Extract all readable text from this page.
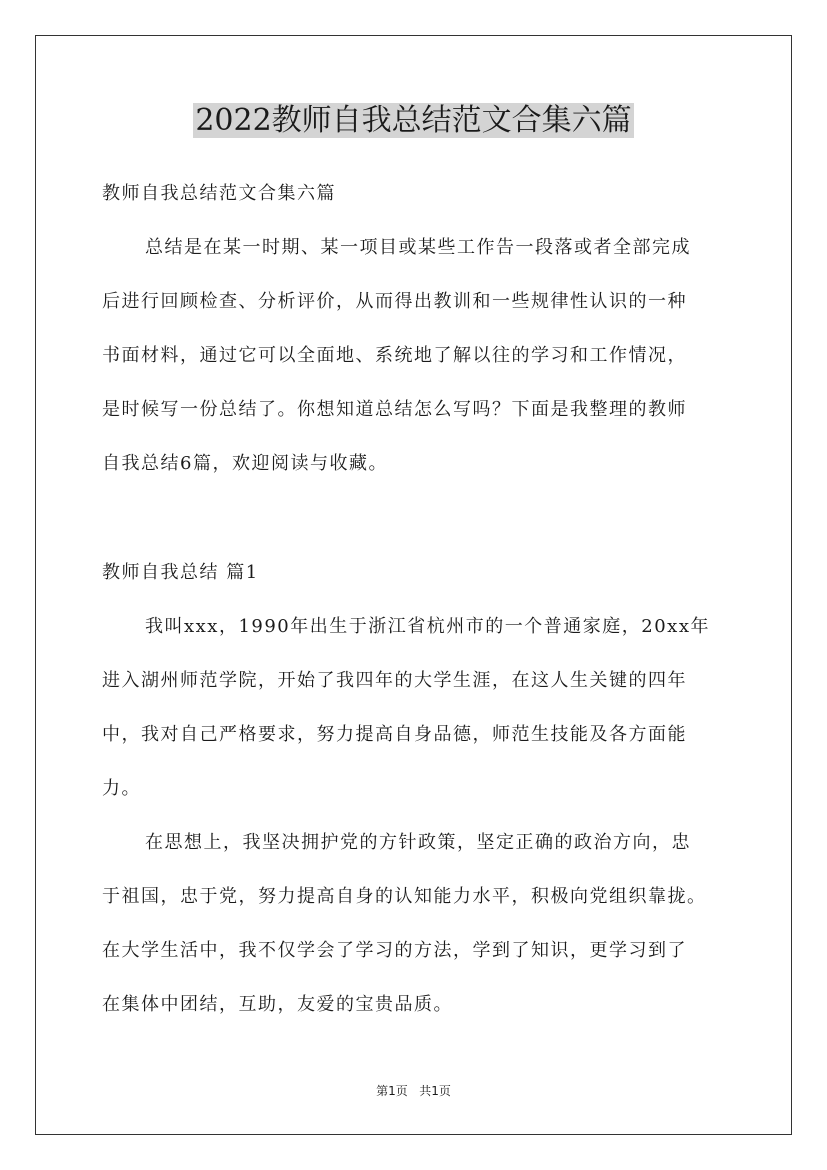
2022教师自我总结范文合集六篇

教师自我总结范文合集六篇

总结是在某一时期、某一项目或某些工作告一段落或者全部完成

后进行回顾检查、分析评价，从而得出教训和一些规律性认识的一种

书面材料，通过它可以全面地、系统地了解以往的学习和工作情况，

是时候写一份总结了。你想知道总结怎么写吗？下面是我整理的教师

自我总结6篇，欢迎阅读与收藏。

教师自我总结 篇1

我叫xxx，1990年出生于浙江省杭州市的一个普通家庭，20xx年

进入湖州师范学院，开始了我四年的大学生涯，在这人生关键的四年

中，我对自己严格要求，努力提高自身品德，师范生技能及各方面能

力。

在思想上，我坚决拥护党的方针政策，坚定正确的政治方向，忠

于祖国，忠于党，努力提高自身的认知能力水平，积极向党组织靠拢。

在大学生活中，我不仅学会了学习的方法，学到了知识，更学习到了

在集体中团结，互助，友爱的宝贵品质。

第1页 共1页
